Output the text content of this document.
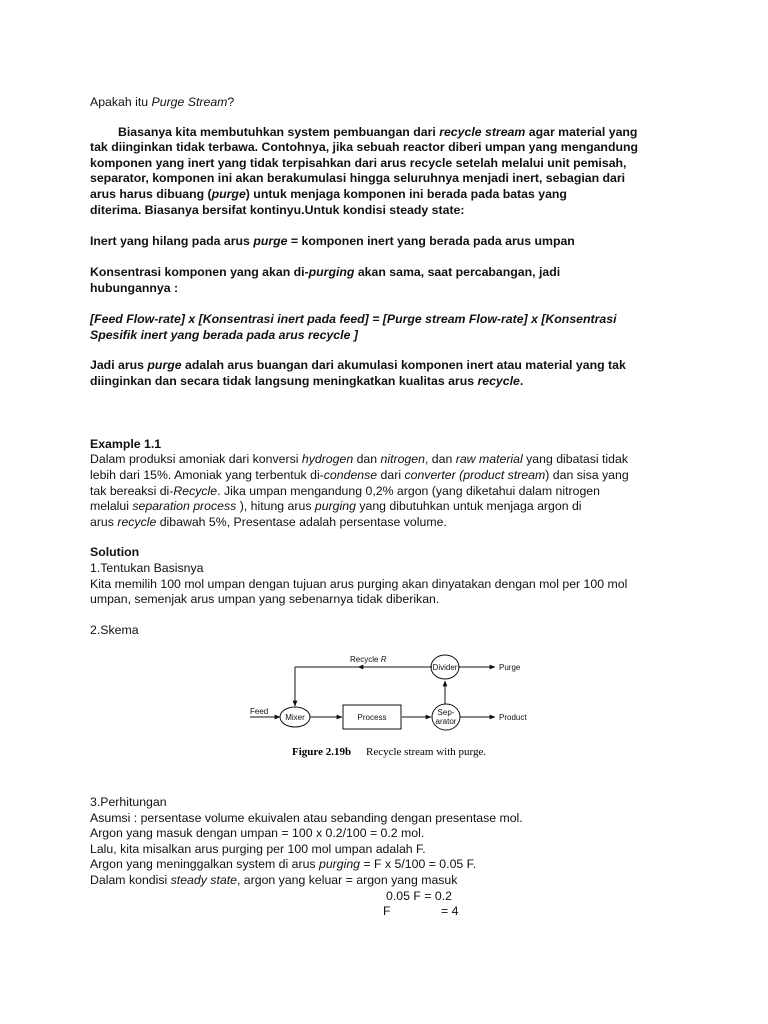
Apakah itu Purge Stream?
Biasanya kita membutuhkan system pembuangan dari recycle stream agar material yang
tak diinginkan tidak terbawa. Contohnya, jika sebuah reactor diberi umpan yang mengandung
komponen yang inert yang tidak terpisahkan dari arus recycle setelah melalui unit pemisah,
separator, komponen ini akan berakumulasi hingga seluruhnya menjadi inert, sebagian dari
arus harus dibuang (purge) untuk menjaga komponen ini berada pada batas yang
diterima. Biasanya bersifat kontinyu.Untuk kondisi steady state:
Inert yang hilang pada arus purge = komponen inert yang berada pada arus umpan
Konsentrasi komponen yang akan di-purging akan sama, saat percabangan, jadi
hubungannya :
[Feed Flow-rate] x [Konsentrasi inert pada feed] = [Purge stream Flow-rate] x [Konsentrasi
Spesifik inert yang berada pada arus recycle ]
Jadi arus purge adalah arus buangan dari akumulasi komponen inert atau material yang tak
diinginkan dan secara tidak langsung meningkatkan kualitas arus recycle.
Example 1.1
Dalam produksi amoniak dari konversi hydrogen dan nitrogen, dan raw material yang dibatasi tidak
lebih dari 15%. Amoniak yang terbentuk di-condense dari converter (product stream) dan sisa yang
tak bereaksi di-Recycle. Jika umpan mengandung 0,2% argon (yang diketahui dalam nitrogen
melalui separation process ), hitung arus purging yang dibutuhkan untuk menjaga argon di
arus recycle dibawah 5%, Presentase adalah persentase volume.
Solution
1.Tentukan Basisnya
Kita memilih 100 mol umpan dengan tujuan arus purging akan dinyatakan dengan mol per 100 mol
umpan, semenjak arus umpan yang sebenarnya tidak diberikan.
2.Skema
Recycle R
Divider	Purge
Feed
Mixer	Process
Sep-
arator	Product
Figure 2.19b Recycle stream with purge.
3.Perhitungan
Asumsi : persentase volume ekuivalen atau sebanding dengan presentase mol.
Argon yang masuk dengan umpan = 100 x 0.2/100 = 0.2 mol.
Lalu, kita misalkan arus purging per 100 mol umpan adalah F.
Argon yang meninggalkan system di arus purging = F x 5/100 = 0.05 F.
Dalam kondisi steady state, argon yang keluar = argon yang masuk
0.05 F = 0.2
F	= 4
